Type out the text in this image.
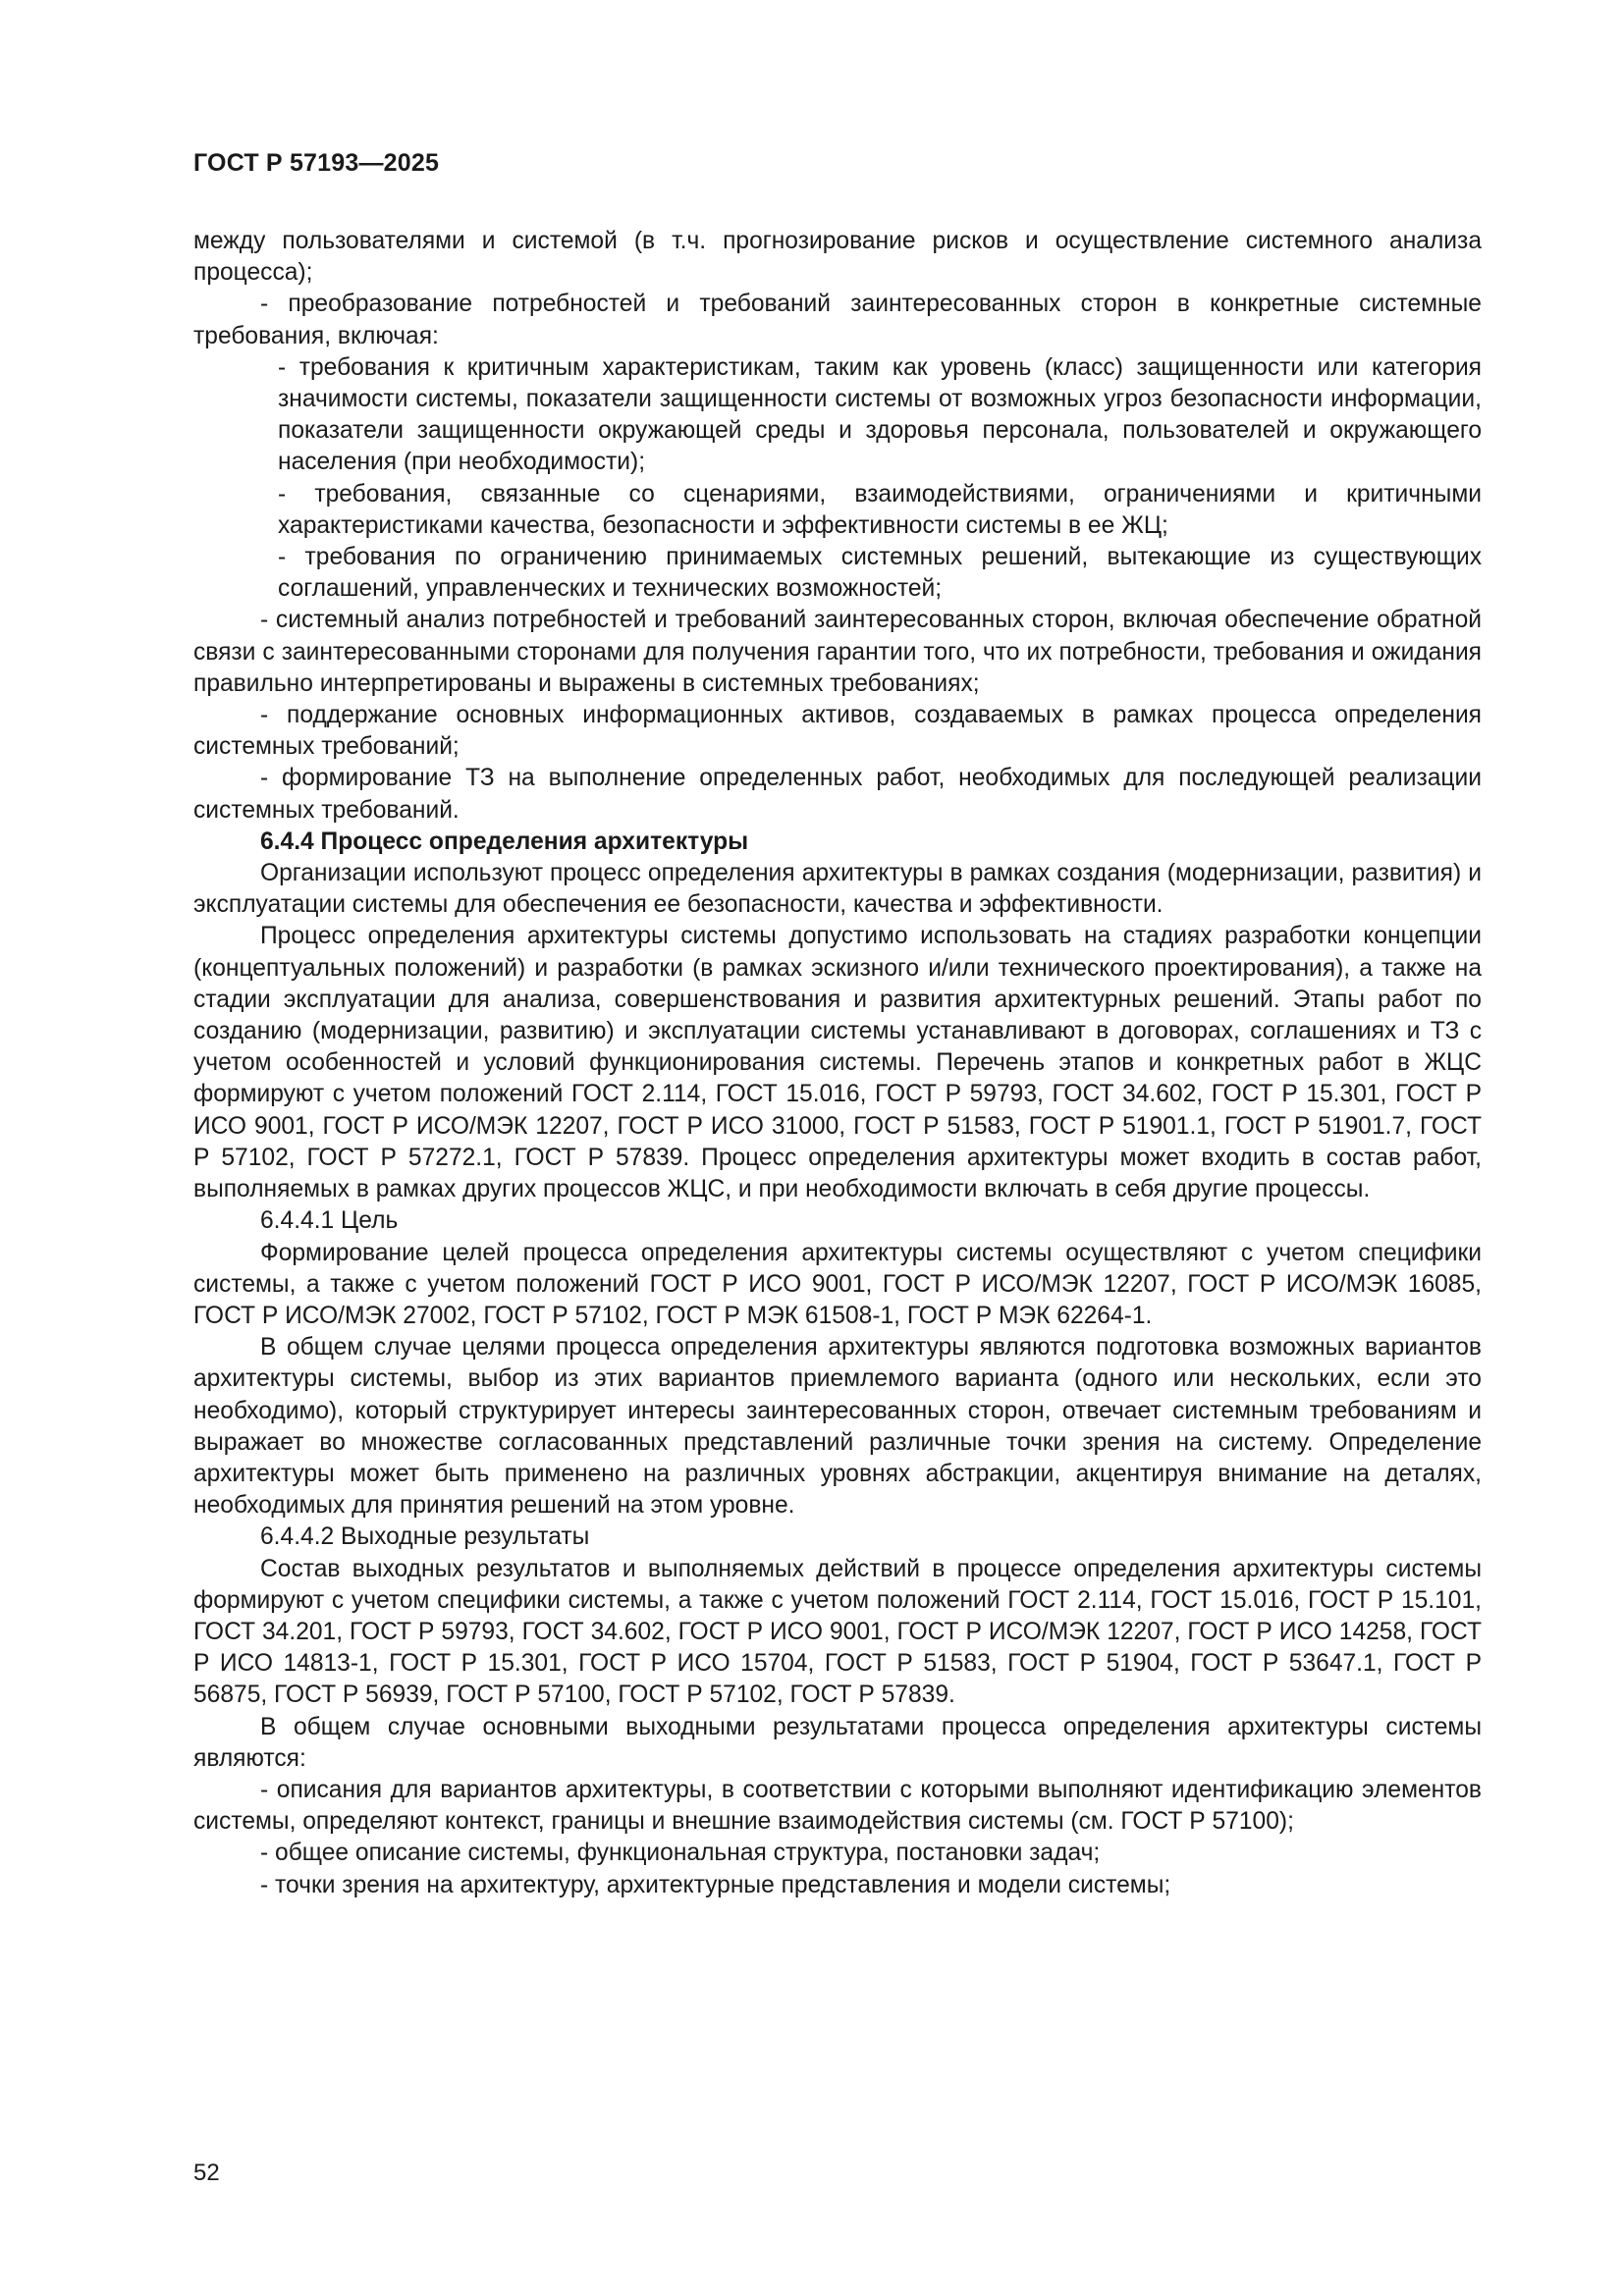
ГОСТ Р 57193—2025

между пользователями и системой (в т.ч. прогнозирование рисков и осуществление системного анализа процесса);

- преобразование потребностей и требований заинтересованных сторон в конкретные системные требования, включая:

- требования к критичным характеристикам, таким как уровень (класс) защищенности или категория значимости системы, показатели защищенности системы от возможных угроз безопасности информации, показатели защищенности окружающей среды и здоровья персонала, пользователей и окружающего населения (при необходимости);

- требования, связанные со сценариями, взаимодействиями, ограничениями и критичными характеристиками качества, безопасности и эффективности системы в ее ЖЦ;

- требования по ограничению принимаемых системных решений, вытекающие из существующих соглашений, управленческих и технических возможностей;

- системный анализ потребностей и требований заинтересованных сторон, включая обеспечение обратной связи с заинтересованными сторонами для получения гарантии того, что их потребности, требования и ожидания правильно интерпретированы и выражены в системных требованиях;

- поддержание основных информационных активов, создаваемых в рамках процесса определения системных требований;

- формирование ТЗ на выполнение определенных работ, необходимых для последующей реализации системных требований.

6.4.4 Процесс определения архитектуры

Организации используют процесс определения архитектуры в рамках создания (модернизации, развития) и эксплуатации системы для обеспечения ее безопасности, качества и эффективности.

Процесс определения архитектуры системы допустимо использовать на стадиях разработки концепции (концептуальных положений) и разработки (в рамках эскизного и/или технического проектирования), а также на стадии эксплуатации для анализа, совершенствования и развития архитектурных решений. Этапы работ по созданию (модернизации, развитию) и эксплуатации системы устанавливают в договорах, соглашениях и ТЗ с учетом особенностей и условий функционирования системы. Перечень этапов и конкретных работ в ЖЦС формируют с учетом положений ГОСТ 2.114, ГОСТ 15.016, ГОСТ Р 59793, ГОСТ 34.602, ГОСТ Р 15.301, ГОСТ Р ИСО 9001, ГОСТ Р ИСО/МЭК 12207, ГОСТ Р ИСО 31000, ГОСТ Р 51583, ГОСТ Р 51901.1, ГОСТ Р 51901.7, ГОСТ Р 57102, ГОСТ Р 57272.1, ГОСТ Р 57839. Процесс определения архитектуры может входить в состав работ, выполняемых в рамках других процессов ЖЦС, и при необходимости включать в себя другие процессы.

6.4.4.1 Цель

Формирование целей процесса определения архитектуры системы осуществляют с учетом специфики системы, а также с учетом положений ГОСТ Р ИСО 9001, ГОСТ Р ИСО/МЭК 12207, ГОСТ Р ИСО/МЭК 16085, ГОСТ Р ИСО/МЭК 27002, ГОСТ Р 57102, ГОСТ Р МЭК 61508-1, ГОСТ Р МЭК 62264-1.

В общем случае целями процесса определения архитектуры являются подготовка возможных вариантов архитектуры системы, выбор из этих вариантов приемлемого варианта (одного или нескольких, если это необходимо), который структурирует интересы заинтересованных сторон, отвечает системным требованиям и выражает во множестве согласованных представлений различные точки зрения на систему. Определение архитектуры может быть применено на различных уровнях абстракции, акцентируя внимание на деталях, необходимых для принятия решений на этом уровне.

6.4.4.2 Выходные результаты

Состав выходных результатов и выполняемых действий в процессе определения архитектуры системы формируют с учетом специфики системы, а также с учетом положений ГОСТ 2.114, ГОСТ 15.016, ГОСТ Р 15.101, ГОСТ 34.201, ГОСТ Р 59793, ГОСТ 34.602, ГОСТ Р ИСО 9001, ГОСТ Р ИСО/МЭК 12207, ГОСТ Р ИСО 14258, ГОСТ Р ИСО 14813-1, ГОСТ Р 15.301, ГОСТ Р ИСО 15704, ГОСТ Р 51583, ГОСТ Р 51904, ГОСТ Р 53647.1, ГОСТ Р 56875, ГОСТ Р 56939, ГОСТ Р 57100, ГОСТ Р 57102, ГОСТ Р 57839.

В общем случае основными выходными результатами процесса определения архитектуры системы являются:

- описания для вариантов архитектуры, в соответствии с которыми выполняют идентификацию элементов системы, определяют контекст, границы и внешние взаимодействия системы (см. ГОСТ Р 57100);

- общее описание системы, функциональная структура, постановки задач;

- точки зрения на архитектуру, архитектурные представления и модели системы;

52
